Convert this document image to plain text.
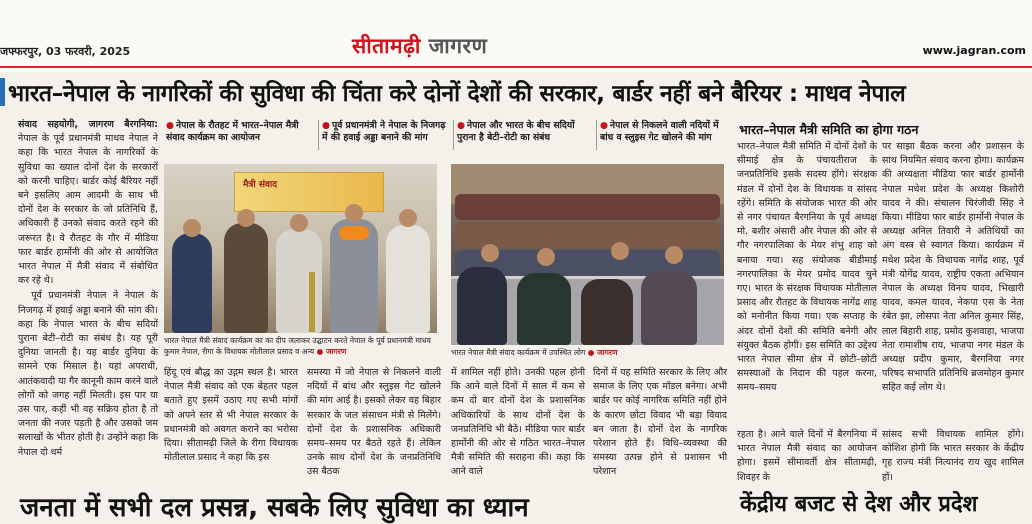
जफ्फरपुर, 03 फरवरी, 2025	सीतामढ़ी जागरण	www.jagran.com
भारत–नेपाल के नागरिकों की सुविधा की चिंता करे दोनों देशों की सरकार, बार्डर नहीं बने बैरियर : माधव नेपाल

संवाद सहयोगी, जागरण बैरगनिया: नेपाल के पूर्व प्रधानमंत्री माधव नेपाल ने कहा कि भारत नेपाल के नागरिकों के सुविधा का ख्याल दोनों देश के सरकारों को करनी चाहिए। बार्डर कोई बैरियर नहीं बने इसलिए आम आदमी के साथ भी दोनों देश के सरकार के जो प्रतिनिधि हैं, अधिकारी हैं उनको संवाद करते रहने की जरूरत है। वे रौतहट के गौर में मीडिया फार बार्डर हार्मोनी की ओर से आयोजित भारत नेपाल में मैत्री संवाद में संबोधित कर रहे थे।

पूर्व प्रधानमंत्री नेपाल ने नेपाल के निजगढ़ में हवाई अड्डा बनाने की मांग की। कहा कि नेपाल भारत के बीच सदियों पुराना बेटी–रोटी का संबंध है। यह पूरी दुनिया जानती है। यह बार्डर दुनिया के सामने एक मिसाल है। यहां अपराधी, आतंकवादी या गैर कानूनी काम करने वाले लोगों को जगह नहीं मिलती। इस पार या उस पार, कहीं भी वह सक्रिय होता है तो जनता की नजर पड़ती है और उसको जम सलाखों के भीतर होती है। उन्होंने कहा कि नेपाल दो धर्म

● नेपाल के रौतहट में भारत–नेपाल मैत्री संवाद कार्यक्रम का आयोजन
● पूर्व प्रधानमंत्री ने नेपाल के निजगढ़ में की हवाई अड्डा बनाने की मांग
● नेपाल और भारत के बीच सदियों पुराना है बेटी–रोटी का संबंध
● नेपाल से निकलने वाली नदियों में बांध व स्लुइस गेट खोलने की मांग
मैत्री संवाद
भारत नेपाल मैत्री संवाद कार्यक्रम का का दीप जलाकर उद्घाटन करते नेपाल के पूर्व प्रधानमंत्री माधव कुमार नेपाल, रीगा के विधायक मोतीलाल प्रसाद व अन्य ● जागरण	भारत नेपाल मैत्री संवाद कार्यक्रम में उपस्थित लोग ● जागरण

हिंदू एवं बौद्ध का उद्गम स्थल है। भारत नेपाल मैत्री संवाद को एक बेहतर पहल बताते हुए इसमें उठाए गए सभी मांगों को अपने स्तर से भी नेपाल सरकार के प्रधानमंत्री को अवगत कराने का भरोसा दिया। सीतामढ़ी जिले के रीगा विधायक मोतीलाल प्रसाद ने कहा कि इस

समस्या में जो नेपाल से निकलने वाली नदियों में बांध और स्लुइस गेट खोलने की मांग आई है। इसको लेकर वह बिहार सरकार के जल संसाधन मंत्री से मिलेंगे। दोनों देश के प्रशासनिक अधिकारी समय–समय पर बैठते रहते हैं। लेकिन उनके साथ दोनों देश के जनप्रतिनिधि उस बैठक

में शामिल नहीं होते। उनकी पहल होनी कि आने वाले दिनों में साल में कम से कम दो बार दोनों देश के प्रशासनिक अधिकारियों के साथ दोनों देश के जनप्रतिनिधि भी बैठें। मीडिया फार बार्डर हार्मोनी की ओर से गठित भारत–नेपाल मैत्री समिति की सराहना की। कहा कि आने वाले

दिनों में यह समिति सरकार के लिए और समाज के लिए एक मॉडल बनेगा। अभी बार्डर पर कोई नागरिक समिति नहीं होने के कारण छोटा विवाद भी बड़ा विवाद बन जाता है। दोनों देश के नागरिक परेशान होते हैं। विधि–व्यवस्था की समस्या उत्पन्न होने से प्रशासन भी परेशान

भारत–नेपाल मैत्री समिति का होगा गठन

भारत–नेपाल मैत्री समिति में दोनों देशों के सीमाई क्षेत्र के पंचायतीराज के जनप्रतिनिधि इसके सदस्य होंगे। संरक्षक मंडल में दोनों देश के विधायक व सांसद रहेंगे। समिति के संयोजक भारत की ओर से नगर पंचायत बैरगनिया के पूर्व अध्यक्ष मो. बशीर अंसारी और नेपाल की ओर से गौर नगरपालिका के मेयर शंभु शाह को बनाया गया। सह संयोजक बीडीमाई नगरपालिका के मेयर प्रमोद यादव चुने गए। भारत के संरक्षक विधायक मोतीलाल प्रसाद और रौतहट के विधायक नागेंद्र शाह को मनोनीत किया गया। एक सप्ताह के अंदर दोनों देशों की समिति बनेगी और संयुक्त बैठक होगी। इस समिति का उद्देश्य भारत नेपाल सीमा क्षेत्र में छोटी–छोटी समस्याओं के निदान की पहल करना, समय–समय

रहता है। आने वाले दिनों में बैरगनिया में भारत नेपाल मैत्री संवाद का आयोजन होगा। इसमें सीमावर्ती क्षेत्र सीतामढ़ी, शिवहर के

पर साझा बैठक करना और प्रशासन के साथ नियमित संवाद करना होगा। कार्यक्रम की अध्यक्षता मीडिया फार बार्डर हार्मोनी नेपाल मधेश प्रदेश के अध्यक्ष किशोरी यादव ने की। संचालन चिरंजीवी सिंह ने किया। मीडिया फार बार्डर हार्मोनी नेपाल के अध्यक्ष अनिल तिवारी ने अतिथियों का अंग वस्त्र से स्वागत किया। कार्यक्रम में मधेश प्रदेश के विधायक नागेंद्र शाह, पूर्व मंत्री योगेंद्र यादव, राष्ट्रीय एकता अभियान नेपाल के अध्यक्ष विनय यादव, भिखारी यादव, कमल यादव, नेकपा एस के नेता रंबेत झा, लोसपा नेता अनिल कुमार सिंह, लाल बिहारी शाह, प्रमोद कुशवाहा, भाजपा नेता रामाशीष राय, भाजपा नगर मंडल के अध्यक्ष प्रदीप कुमार, बैरगनिया नगर परिषद सभापति प्रतिनिधि ब्रजमोहन कुमार सहित कई लोग थे।

सांसद सभी विधायक शामिल होंगे। कोशिश होगी कि भारत सरकार के केंद्रीय गृह राज्य मंत्री नित्यानंद राय खुद शामिल हों।

जनता में सभी दल प्रसन्न, सबके लिए सुविधा का ध्यान	केंद्रीय बजट से देश और प्रदेश
